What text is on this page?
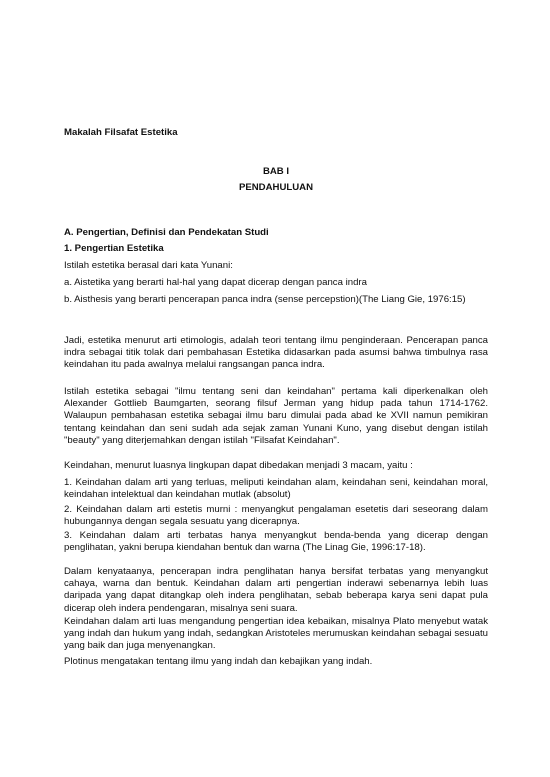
Makalah Filsafat Estetika

BAB I

PENDAHULUAN

A. Pengertian, Definisi dan Pendekatan Studi

1. Pengertian Estetika

Istilah estetika berasal dari kata Yunani:

a. Aistetika yang berarti hal-hal yang dapat dicerap dengan panca indra

b. Aisthesis yang berarti pencerapan panca indra (sense percepstion)(The Liang Gie, 1976:15)

Jadi, estetika menurut arti etimologis, adalah teori tentang ilmu penginderaan. Pencerapan panca indra sebagai titik tolak dari pembahasan Estetika didasarkan pada asumsi bahwa timbulnya rasa keindahan itu pada awalnya melalui rangsangan panca indra.

Istilah estetika sebagai "ilmu tentang seni dan keindahan" pertama kali diperkenalkan oleh Alexander Gottlieb Baumgarten, seorang filsuf Jerman yang hidup pada tahun 1714-1762. Walaupun pembahasan estetika sebagai ilmu baru dimulai pada abad ke XVII namun pemikiran tentang keindahan dan seni sudah ada sejak zaman Yunani Kuno, yang disebut dengan istilah "beauty" yang diterjemahkan dengan istilah "Filsafat Keindahan".

Keindahan, menurut luasnya lingkupan dapat dibedakan menjadi 3 macam, yaitu :

1. Keindahan dalam arti yang terluas, meliputi keindahan alam, keindahan seni, keindahan moral, keindahan intelektual dan keindahan mutlak (absolut)

2. Keindahan dalam arti estetis murni : menyangkut pengalaman esetetis dari seseorang dalam hubungannya dengan segala sesuatu yang dicerapnya.

3. Keindahan dalam arti terbatas hanya menyangkut benda-benda yang dicerap dengan penglihatan, yakni berupa kiendahan bentuk dan warna (The Linag Gie, 1996:17-18).

Dalam kenyataanya, pencerapan indra penglihatan hanya bersifat terbatas yang menyangkut cahaya, warna dan bentuk. Keindahan dalam arti pengertian inderawi sebenarnya lebih luas daripada yang dapat ditangkap oleh indera penglihatan, sebab beberapa karya seni dapat pula dicerap oleh indera pendengaran, misalnya seni suara.

Keindahan dalam arti luas mengandung pengertian idea kebaikan, misalnya Plato menyebut watak yang indah dan hukum yang indah, sedangkan Aristoteles merumuskan keindahan sebagai sesuatu yang baik dan juga menyenangkan.

Plotinus mengatakan tentang ilmu yang indah dan kebajikan yang indah.
